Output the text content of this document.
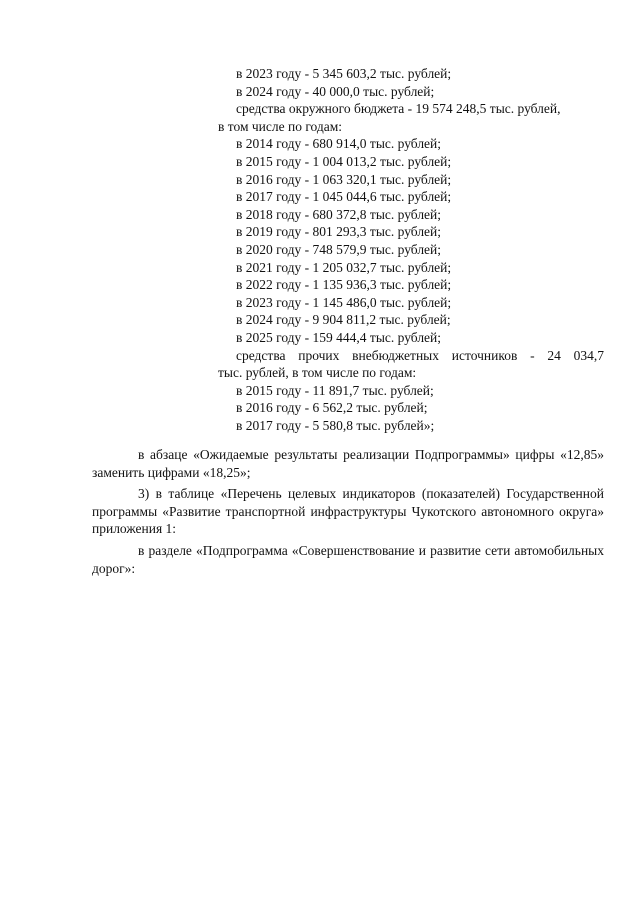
в 2023 году - 5 345 603,2 тыс. рублей;
в 2024 году - 40 000,0 тыс. рублей;
средства окружного бюджета - 19 574 248,5 тыс. рублей,
в том числе по годам:
в 2014 году - 680 914,0 тыс. рублей;
в 2015 году - 1 004 013,2 тыс. рублей;
в 2016 году - 1 063 320,1 тыс. рублей;
в 2017 году - 1 045 044,6 тыс. рублей;
в 2018 году - 680 372,8 тыс. рублей;
в 2019 году - 801 293,3 тыс. рублей;
в 2020 году - 748 579,9 тыс. рублей;
в 2021 году - 1 205 032,7 тыс. рублей;
в 2022 году - 1 135 936,3 тыс. рублей;
в 2023 году - 1 145 486,0 тыс. рублей;
в 2024 году - 9 904 811,2 тыс. рублей;
в 2025 году - 159 444,4 тыс. рублей;
средства прочих внебюджетных источников - 24 034,7
тыс. рублей, в том числе по годам:
в 2015 году - 11 891,7 тыс. рублей;
в 2016 году - 6 562,2 тыс. рублей;
в 2017 году - 5 580,8 тыс. рублей»;

в абзаце «Ожидаемые результаты реализации Подпрограммы» цифры «12,85» заменить цифрами «18,25»;

3) в таблице «Перечень целевых индикаторов (показателей) Государственной программы «Развитие транспортной инфраструктуры Чукотского автономного округа» приложения 1:

в разделе «Подпрограмма «Совершенствование и развитие сети автомобильных дорог»:
